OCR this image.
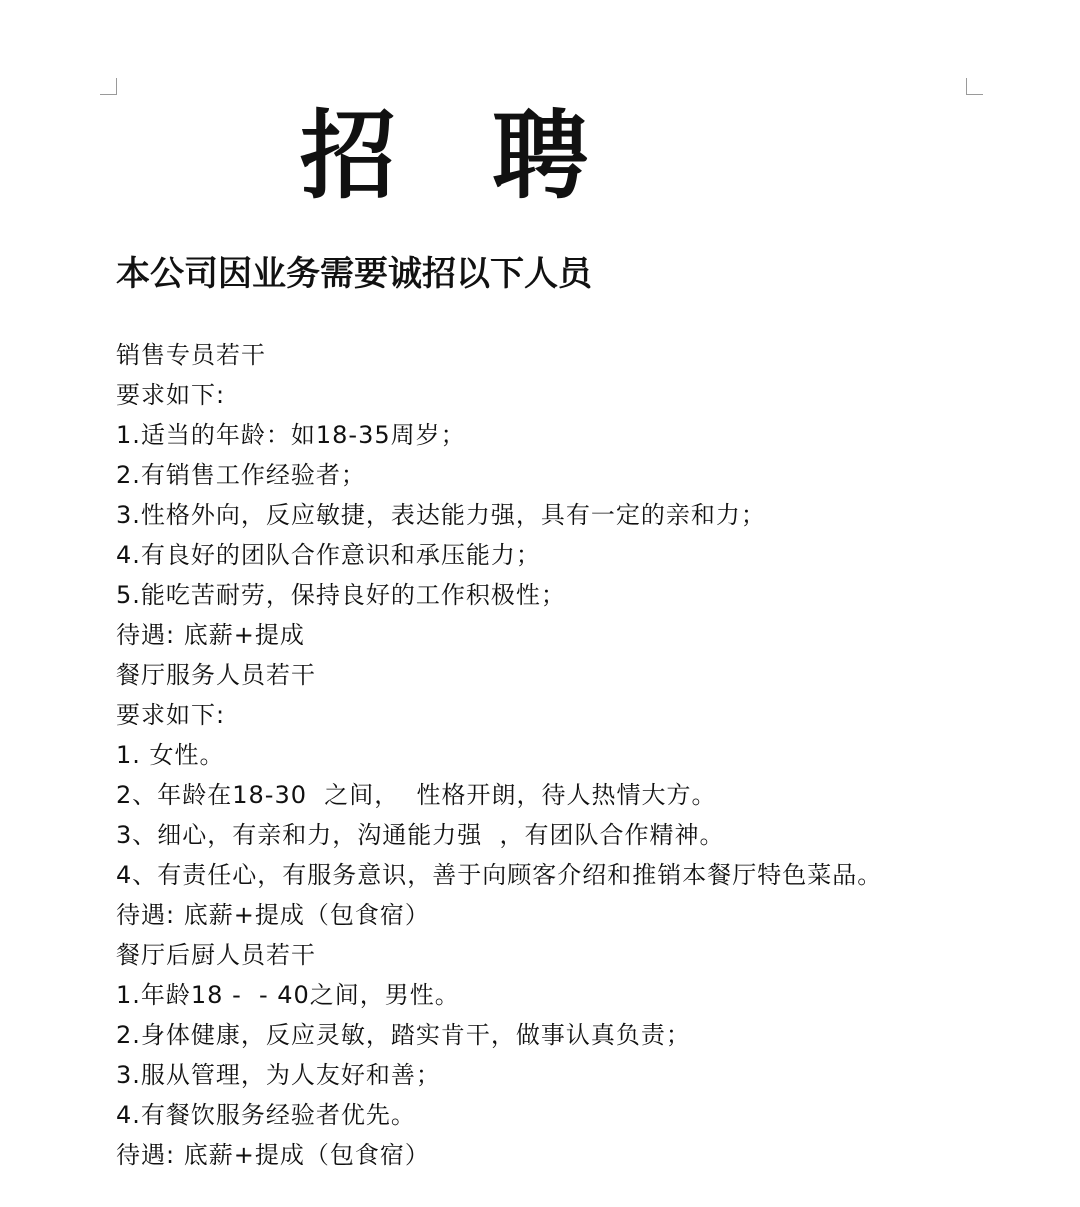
招聘
本公司因业务需要诚招以下人员
销售专员若干
要求如下:
1.适当的年龄：如18-35周岁；
2.有销售工作经验者；
3.性格外向，反应敏捷，表达能力强，具有一定的亲和力；
4.有良好的团队合作意识和承压能力；
5.能吃苦耐劳，保持良好的工作积极性；
待遇: 底薪+提成
餐厅服务人员若干
要求如下:
1. 女性。
2、年龄在18-30  之间，  性格开朗，待人热情大方。
3、细心，有亲和力，沟通能力强  ，有团队合作精神。
4、有责任心，有服务意识，善于向顾客介绍和推销本餐厅特色菜品。
待遇: 底薪+提成（包食宿）
餐厅后厨人员若干
1.年龄18 -  - 40之间，男性。
2.身体健康，反应灵敏，踏实肯干，做事认真负责；
3.服从管理，为人友好和善；
4.有餐饮服务经验者优先。
待遇: 底薪+提成（包食宿）
